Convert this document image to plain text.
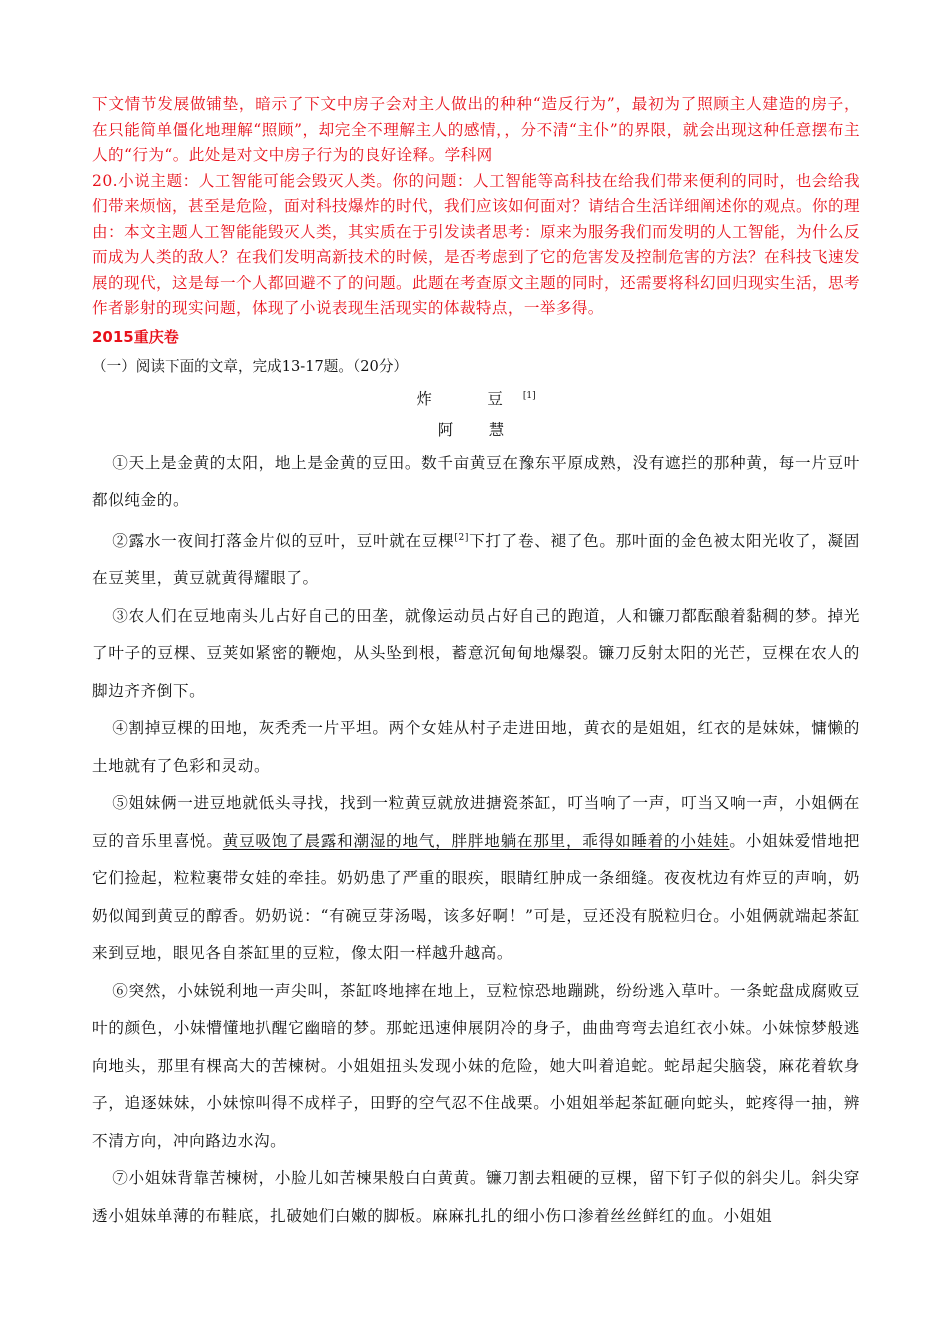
下文情节发展做铺垫，暗示了下文中房子会对主人做出的种种“造反行为”，最初为了照顾主人建造的房子，在只能简单僵化地理解“照顾”，却完全不理解主人的感情，，分不清“主仆”的界限，就会出现这种任意摆布主人的“行为“。此处是对文中房子行为的良好诠释。学科网

20.小说主题：人工智能可能会毁灭人类。你的问题：人工智能等高科技在给我们带来便利的同时，也会给我们带来烦恼，甚至是危险，面对科技爆炸的时代，我们应该如何面对？请结合生活详细阐述你的观点。你的理由：本文主题人工智能能毁灭人类，其实质在于引发读者思考：原来为服务我们而发明的人工智能，为什么反而成为人类的敌人？在我们发明高新技术的时候，是否考虑到了它的危害发及控制危害的方法？在科技飞速发展的现代，这是每一个人都回避不了的问题。此题在考查原文主题的同时，还需要将科幻回归现实生活，思考作者影射的现实问题，体现了小说表现生活现实的体裁特点，一举多得。

2015重庆卷

（一）阅读下面的文章，完成13-17题。（20分）

炸　豆[1]

阿　慧

①天上是金黄的太阳，地上是金黄的豆田。数千亩黄豆在豫东平原成熟，没有遮拦的那种黄，每一片豆叶都似纯金的。

②露水一夜间打落金片似的豆叶，豆叶就在豆棵[2]下打了卷、褪了色。那叶面的金色被太阳光收了，凝固在豆荚里，黄豆就黄得耀眼了。

③农人们在豆地南头儿占好自己的田垄，就像运动员占好自己的跑道，人和镰刀都酝酿着黏稠的梦。掉光了叶子的豆棵、豆荚如紧密的鞭炮，从头坠到根，蓄意沉甸甸地爆裂。镰刀反射太阳的光芒，豆棵在农人的脚边齐齐倒下。

④割掉豆棵的田地，灰秃秃一片平坦。两个女娃从村子走进田地，黄衣的是姐姐，红衣的是妹妹，慵懒的土地就有了色彩和灵动。

⑤姐妹俩一进豆地就低头寻找，找到一粒黄豆就放进搪瓷茶缸，叮当响了一声，叮当又响一声，小姐俩在豆的音乐里喜悦。黄豆吸饱了晨露和潮湿的地气，胖胖地躺在那里，乖得如睡着的小娃娃。小姐妹爱惜地把它们捡起，粒粒裹带女娃的牵挂。奶奶患了严重的眼疾，眼睛红肿成一条细缝。夜夜枕边有炸豆的声响，奶奶似闻到黄豆的醇香。奶奶说：“有碗豆芽汤喝，该多好啊！”可是，豆还没有脱粒归仓。小姐俩就端起茶缸来到豆地，眼见各自茶缸里的豆粒，像太阳一样越升越高。

⑥突然，小妹锐利地一声尖叫，茶缸咚地摔在地上，豆粒惊恐地蹦跳，纷纷逃入草叶。一条蛇盘成腐败豆叶的颜色，小妹懵懂地扒醒它幽暗的梦。那蛇迅速伸展阴冷的身子，曲曲弯弯去追红衣小妹。小妹惊梦般逃向地头，那里有棵高大的苦楝树。小姐姐扭头发现小妹的危险，她大叫着追蛇。蛇昂起尖脑袋，麻花着软身子，追逐妹妹，小妹惊叫得不成样子，田野的空气忍不住战栗。小姐姐举起茶缸砸向蛇头，蛇疼得一抽，辨不清方向，冲向路边水沟。

⑦小姐妹背靠苦楝树，小脸儿如苦楝果般白白黄黄。镰刀割去粗硬的豆棵，留下钉子似的斜尖儿。斜尖穿透小姐妹单薄的布鞋底，扎破她们白嫩的脚板。麻麻扎扎的细小伤口渗着丝丝鲜红的血。小姐姐
